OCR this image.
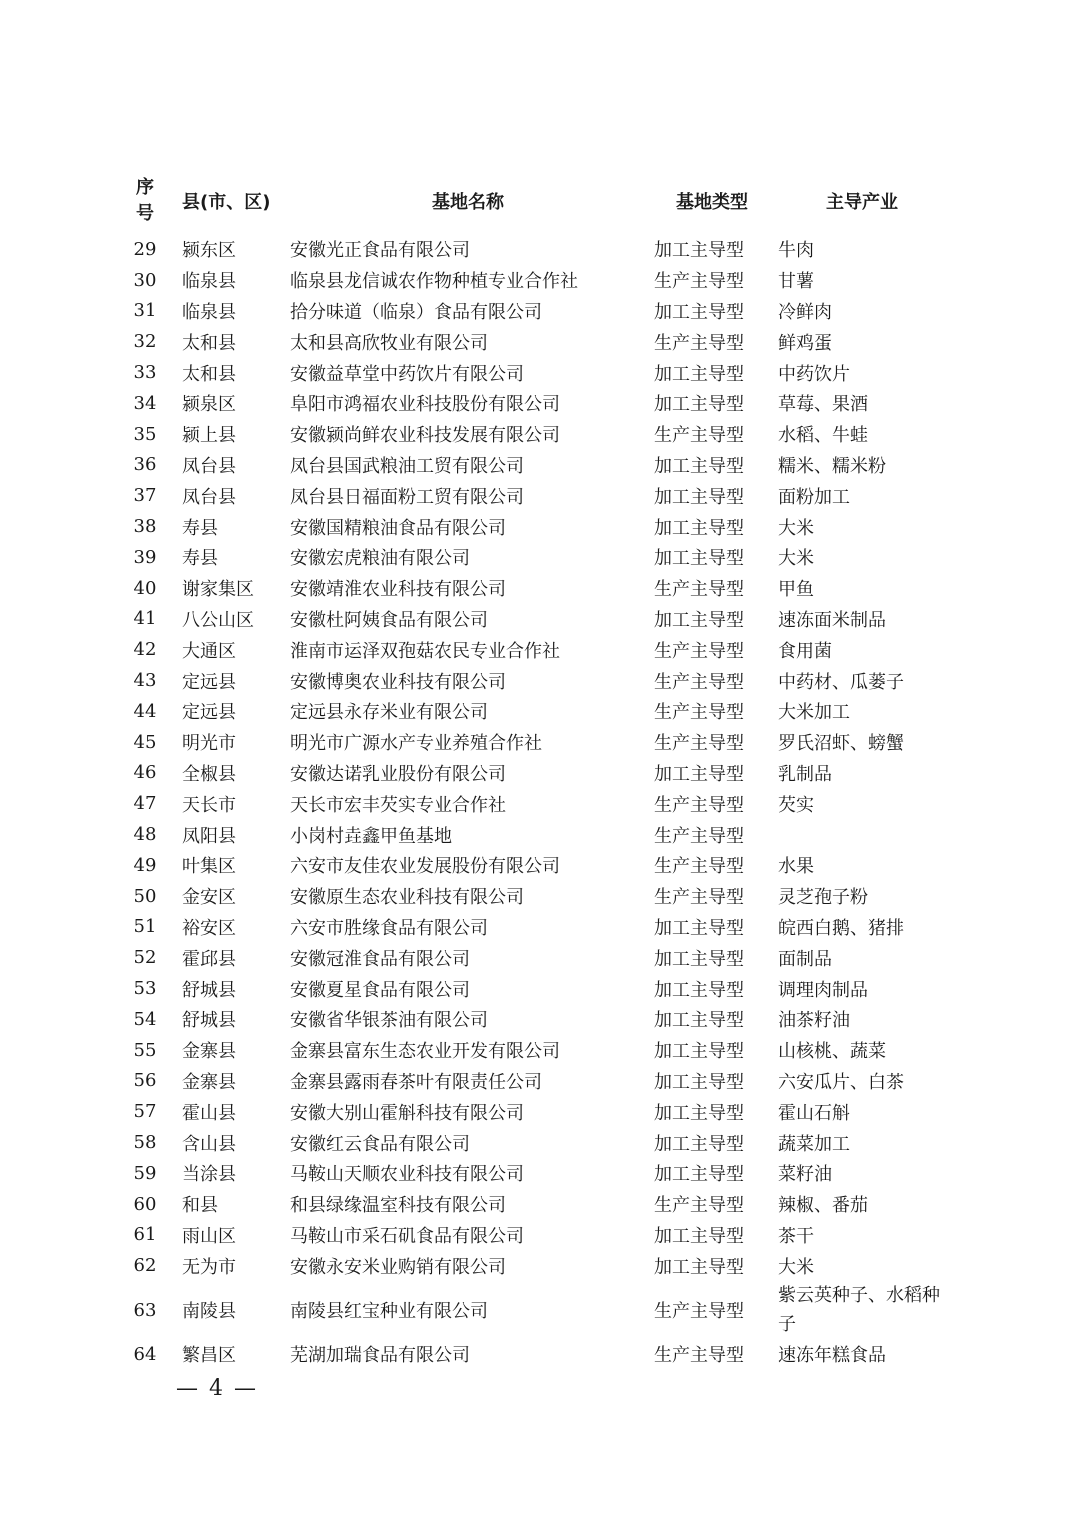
序
号	县(市、区)	基地名称	基地类型	主导产业
29	颍东区	安徽光正食品有限公司	加工主导型	牛肉
30	临泉县	临泉县龙信诚农作物种植专业合作社	生产主导型	甘薯
31	临泉县	拾分味道（临泉）食品有限公司	加工主导型	冷鲜肉
32	太和县	太和县高欣牧业有限公司	生产主导型	鲜鸡蛋
33	太和县	安徽益草堂中药饮片有限公司	加工主导型	中药饮片
34	颍泉区	阜阳市鸿福农业科技股份有限公司	加工主导型	草莓、果酒
35	颍上县	安徽颍尚鲜农业科技发展有限公司	生产主导型	水稻、牛蛙
36	凤台县	凤台县国武粮油工贸有限公司	加工主导型	糯米、糯米粉
37	凤台县	凤台县日福面粉工贸有限公司	加工主导型	面粉加工
38	寿县	安徽国精粮油食品有限公司	加工主导型	大米
39	寿县	安徽宏虎粮油有限公司	加工主导型	大米
40	谢家集区	安徽靖淮农业科技有限公司	生产主导型	甲鱼
41	八公山区	安徽杜阿姨食品有限公司	加工主导型	速冻面米制品
42	大通区	淮南市运泽双孢菇农民专业合作社	生产主导型	食用菌
43	定远县	安徽博奥农业科技有限公司	生产主导型	中药材、瓜蒌子
44	定远县	定远县永存米业有限公司	生产主导型	大米加工
45	明光市	明光市广源水产专业养殖合作社	生产主导型	罗氏沼虾、螃蟹
46	全椒县	安徽达诺乳业股份有限公司	加工主导型	乳制品
47	天长市	天长市宏丰芡实专业合作社	生产主导型	芡实
48	凤阳县	小岗村垚鑫甲鱼基地	生产主导型	
49	叶集区	六安市友佳农业发展股份有限公司	生产主导型	水果
50	金安区	安徽原生态农业科技有限公司	生产主导型	灵芝孢子粉
51	裕安区	六安市胜缘食品有限公司	加工主导型	皖西白鹅、猪排
52	霍邱县	安徽冠淮食品有限公司	加工主导型	面制品
53	舒城县	安徽夏星食品有限公司	加工主导型	调理肉制品
54	舒城县	安徽省华银茶油有限公司	加工主导型	油茶籽油
55	金寨县	金寨县富东生态农业开发有限公司	加工主导型	山核桃、蔬菜
56	金寨县	金寨县露雨春茶叶有限责任公司	加工主导型	六安瓜片、白茶
57	霍山县	安徽大别山霍斛科技有限公司	加工主导型	霍山石斛
58	含山县	安徽红云食品有限公司	加工主导型	蔬菜加工
59	当涂县	马鞍山天顺农业科技有限公司	加工主导型	菜籽油
60	和县	和县绿缘温室科技有限公司	生产主导型	辣椒、番茄
61	雨山区	马鞍山市采石矶食品有限公司	加工主导型	茶干
62	无为市	安徽永安米业购销有限公司	加工主导型	大米
63	南陵县	南陵县红宝种业有限公司	生产主导型	紫云英种子、水稻种子
64	繁昌区	芜湖加瑞食品有限公司	生产主导型	速冻年糕食品
— 4 —
